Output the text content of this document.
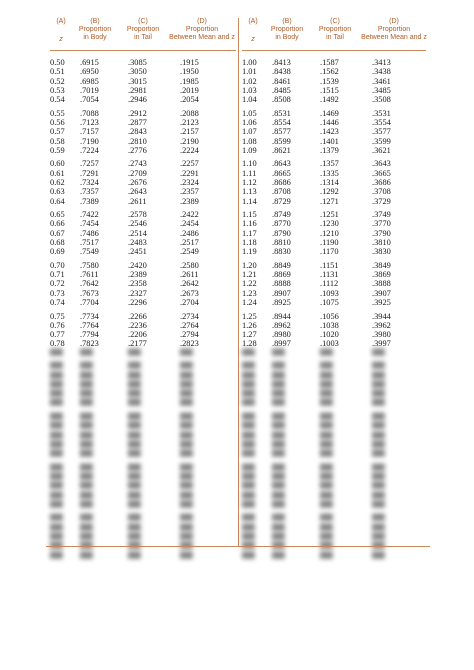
(A)
z
(B)
Proportion
in Body
(C)
Proportion
in Tail
(D)
Proportion
Between Mean and z
0.50 .6915	.3085	.1915
0.51 .6950	.3050	.1950
0.52 .6985	.3015	.1985
0.53 .7019	.2981	.2019
0.54 .7054	.2946	.2054
0.55 .7088	.2912	.2088
0.56 .7123	.2877	.2123
0.57 .7157	.2843	.2157
0.58 .7190	.2810	.2190
0.59 .7224	.2776	.2224
0.60 .7257	.2743	.2257
0.61 .7291	.2709	.2291
0.62 .7324	.2676	.2324
0.63 .7357	.2643	.2357
0.64 .7389	.2611	.2389
0.65 .7422	.2578	.2422
0.66 .7454	.2546	.2454
0.67 .7486	.2514	.2486
0.68 .7517	.2483	.2517
0.69 .7549	.2451	.2549
0.70 .7580	.2420	.2580
0.71 .7611	.2389	.2611
0.72 .7642	.2358	.2642
0.73 .7673	.2327	.2673
0.74 .7704	.2296	.2704
0.75 .7734	.2266	.2734
0.76 .7764	.2236	.2764
0.77 .7794	.2206	.2794
0.78 .7823	.2177	.2823
███	███	███	███
███	███	███	███
███	███	███	███
███	███	███	███
███	███	███	███
███	███	███	███
███	███	███	███
███	███	███	███
███	███	███	███
███	███	███	███
███	███	███	███
███	███	███	███
███	███	███	███
███	███	███	███
███	███	███	███
███	███	███	███
███	███	███	███
███	███	███	███
███	███	███	███
███	███	███	███
(A)
z
(B)
Proportion
in Body
(C)
Proportion
in Tail
(D)
Proportion
Between Mean and z
1.00 .8413	.1587	.3413
1.01 .8438	.1562	.3438
1.02 .8461	.1539	.3461
1.03 .8485	.1515	.3485
1.04 .8508	.1492	.3508
1.05 .8531	.1469	.3531
1.06 .8554	.1446	.3554
1.07 .8577	.1423	.3577
1.08 .8599	.1401	.3599
1.09 .8621	.1379	.3621
1.10 .8643	.1357	.3643
1.11 .8665	.1335	.3665
1.12 .8686	.1314	.3686
1.13 .8708	.1292	.3708
1.14 .8729	.1271	.3729
1.15 .8749	.1251	.3749
1.16 .8770	.1230	.3770
1.17 .8790	.1210	.3790
1.18 .8810	.1190	.3810
1.19 .8830	.1170	.3830
1.20 .8849	.1151	.3849
1.21 .8869	.1131	.3869
1.22 .8888	.1112	.3888
1.23 .8907	.1093	.3907
1.24 .8925	.1075	.3925
1.25 .8944	.1056	.3944
1.26 .8962	.1038	.3962
1.27 .8980	.1020	.3980
1.28 .8997	.1003	.3997
███	███	███	███
███	███	███	███
███	███	███	███
███	███	███	███
███	███	███	███
███	███	███	███
███	███	███	███
███	███	███	███
███	███	███	███
███	███	███	███
███	███	███	███
███	███	███	███
███	███	███	███
███	███	███	███
███	███	███	███
███	███	███	███
███	███	███	███
███	███	███	███
███	███	███	███
███	███	███	███
